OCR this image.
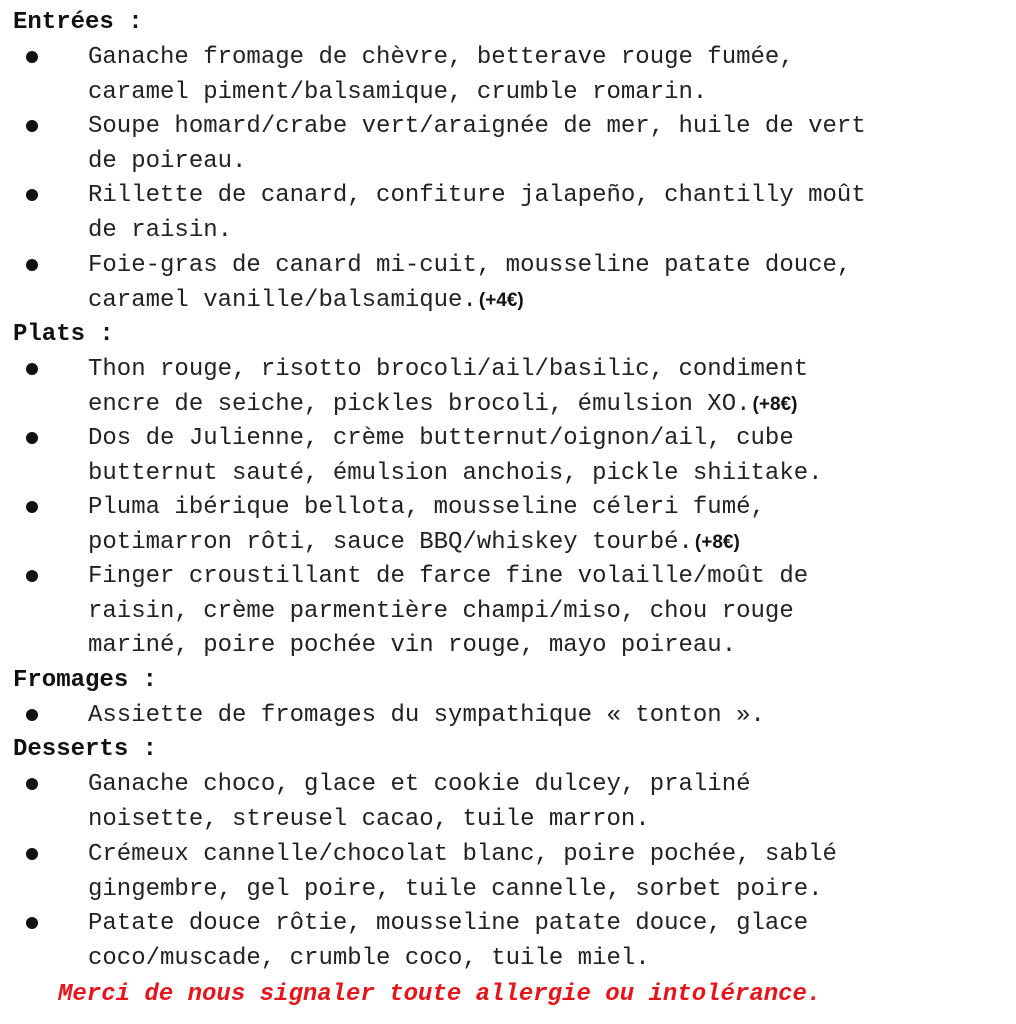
Entrées :
Ganache fromage de chèvre, betterave rouge fumée,
caramel piment/balsamique, crumble romarin.
Soupe homard/crabe vert/araignée de mer, huile de vert
de poireau.
Rillette de canard, confiture jalapeño, chantilly moût
de raisin.
Foie-gras de canard mi-cuit, mousseline patate douce,
caramel vanille/balsamique. (+4€)
Plats :
Thon rouge, risotto brocoli/ail/basilic, condiment
encre de seiche, pickles brocoli, émulsion XO. (+8€)
Dos de Julienne, crème butternut/oignon/ail, cube
butternut sauté, émulsion anchois, pickle shiitake.
Pluma ibérique bellota, mousseline céleri fumé,
potimarron rôti, sauce BBQ/whiskey tourbé. (+8€)
Finger croustillant de farce fine volaille/moût de
raisin, crème parmentière champi/miso, chou rouge
mariné, poire pochée vin rouge, mayo poireau.
Fromages :
Assiette de fromages du sympathique « tonton ».
Desserts :
Ganache choco, glace et cookie dulcey, praliné
noisette, streusel cacao, tuile marron.
Crémeux cannelle/chocolat blanc, poire pochée, sablé
gingembre, gel poire, tuile cannelle, sorbet poire.
Patate douce rôtie, mousseline patate douce, glace
coco/muscade, crumble coco, tuile miel.
Merci de nous signaler toute allergie ou intolérance.
